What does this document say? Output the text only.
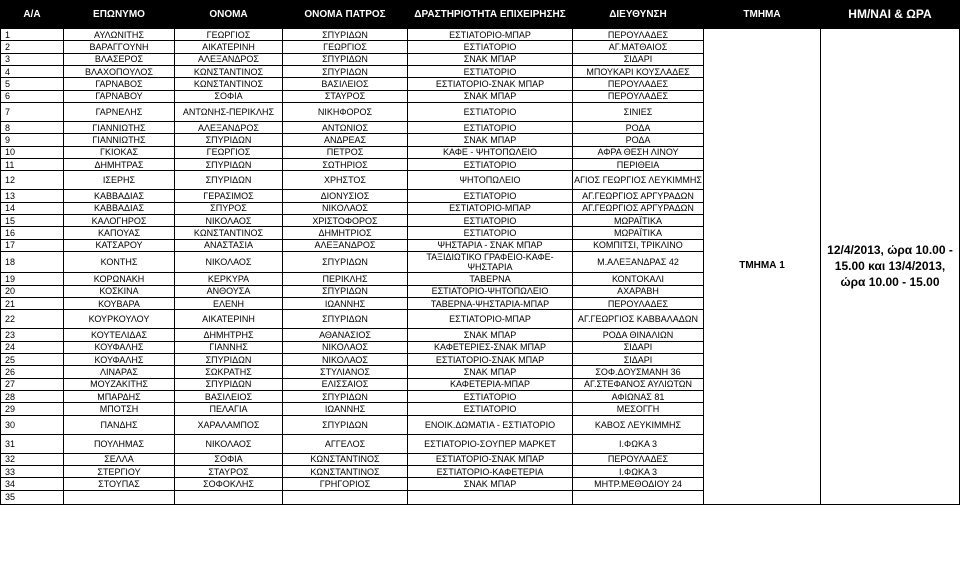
Α/Α	ΕΠΩΝΥΜΟ	ΟΝΟΜΑ	ΟΝΟΜΑ ΠΑΤΡΟΣ	ΔΡΑΣΤΗΡΙΟΤΗΤΑ ΕΠΙΧΕΙΡΗΣΗΣ	ΔΙΕΥΘΥΝΣΗ	ΤΜΗΜΑ	ΗΜ/ΝΑΙ & ΩΡΑ
1	ΑΥΛΩΝΙΤΗΣ	ΓΕΩΡΓΙΟΣ	ΣΠΥΡΙΔΩΝ	ΕΣΤΙΑΤΟΡΙΟ-ΜΠΑΡ	ΠΕΡΟΥΛΑΔΕΣ	ΤΜΗΜΑ 1	12/4/2013, ώρα 10.00 - 15.00 και 13/4/2013, ώρα 10.00 - 15.00
2	ΒΑΡΑΓΓΟΥΝΗ	ΑΙΚΑΤΕΡΙΝΗ	ΓΕΩΡΓΙΟΣ	ΕΣΤΙΑΤΟΡΙΟ	ΑΓ.ΜΑΤΘΑΙΟΣ		
3	ΒΛΑΣΕΡΟΣ	ΑΛΕΞΑΝΔΡΟΣ	ΣΠΥΡΙΔΩΝ	ΣΝΑΚ ΜΠΑΡ	ΣΙΔΑΡΙ		
4	ΒΛΑΧΟΠΟΥΛΟΣ	ΚΩΝΣΤΑΝΤΙΝΟΣ	ΣΠΥΡΙΔΩΝ	ΕΣΤΙΑΤΟΡΙΟ	ΜΠΟΥΚΑΡΙ ΚΟΥΣΛΑΔΕΣ		
5	ΓΑΡΝΑΒΟΣ	ΚΩΝΣΤΑΝΤΙΝΟΣ	ΒΑΣΙΛΕΙΟΣ	ΕΣΤΙΑΤΟΡΙΟ-ΣΝΑΚ ΜΠΑΡ	ΠΕΡΟΥΛΑΔΕΣ		
6	ΓΑΡΝΑΒΟΥ	ΣΟΦΙΑ	ΣΤΑΥΡΟΣ	ΣΝΑΚ ΜΠΑΡ	ΠΕΡΟΥΛΑΔΕΣ		
7	ΓΑΡΝΕΛΗΣ	ΑΝΤΩΝΗΣ-ΠΕΡΙΚΛΗΣ	ΝΙΚΗΦΟΡΟΣ	ΕΣΤΙΑΤΟΡΙΟ	ΣΙΝΙΕΣ		
8	ΓΙΑΝΝΙΩΤΗΣ	ΑΛΕΞΑΝΔΡΟΣ	ΑΝΤΩΝΙΟΣ	ΕΣΤΙΑΤΟΡΙΟ	ΡΟΔΑ		
9	ΓΙΑΝΝΙΩΤΗΣ	ΣΠΥΡΙΔΩΝ	ΑΝΔΡΕΑΣ	ΣΝΑΚ ΜΠΑΡ	ΡΟΔΑ		
10	ΓΚΙΟΚΑΣ	ΓΕΩΡΓΙΟΣ	ΠΕΤΡΟΣ	ΚΑΦΕ - ΨΗΤΟΠΩΛΕΙΟ	ΑΦΡΑ ΘΕΣΗ ΛΙΝΟΥ		
11	ΔΗΜΗΤΡΑΣ	ΣΠΥΡΙΔΩΝ	ΣΩΤΗΡΙΟΣ	ΕΣΤΙΑΤΟΡΙΟ	ΠΕΡΙΘΕΙΑ		
12	ΙΣΕΡΗΣ	ΣΠΥΡΙΔΩΝ	ΧΡΗΣΤΟΣ	ΨΗΤΟΠΩΛΕΙΟ	ΑΓΙΟΣ ΓΕΩΡΓΙΟΣ ΛΕΥΚΙΜΜΗΣ		
13	ΚΑΒΒΑΔΙΑΣ	ΓΕΡΑΣΙΜΟΣ	ΔΙΟΝΥΣΙΟΣ	ΕΣΤΙΑΤΟΡΙΟ	ΑΓ.ΓΕΩΡΓΙΟΣ ΑΡΓΥΡΑΔΩΝ		
14	ΚΑΒΒΑΔΙΑΣ	ΣΠΥΡΟΣ	ΝΙΚΟΛΑΟΣ	ΕΣΤΙΑΤΟΡΙΟ-ΜΠΑΡ	ΑΓ.ΓΕΩΡΓΙΟΣ ΑΡΓΥΡΑΔΩΝ		
15	ΚΑΛΟΓΗΡΟΣ	ΝΙΚΟΛΑΟΣ	ΧΡΙΣΤΟΦΟΡΟΣ	ΕΣΤΙΑΤΟΡΙΟ	ΜΩΡΑΪΤΙΚΑ		
16	ΚΑΠΟΥΑΣ	ΚΩΝΣΤΑΝΤΙΝΟΣ	ΔΗΜΗΤΡΙΟΣ	ΕΣΤΙΑΤΟΡΙΟ	ΜΩΡΑΪΤΙΚΑ		
17	ΚΑΤΣΑΡΟΥ	ΑΝΑΣΤΑΣΙΑ	ΑΛΕΞΑΝΔΡΟΣ	ΨΗΣΤΑΡΙΑ - ΣΝΑΚ ΜΠΑΡ	ΚΟΜΠΙΤΣΙ, ΤΡΙΚΛΙΝΟ		
18	ΚΟΝΤΗΣ	ΝΙΚΟΛΑΟΣ	ΣΠΥΡΙΔΩΝ	ΤΑΞΙΔΙΩΤΙΚΟ ΓΡΑΦΕΙΟ-ΚΑΦΕ-ΨΗΣΤΑΡΙΑ	Μ.ΑΛΕΞΑΝΔΡΑΣ 42		
19	ΚΟΡΩΝΑΚΗ	ΚΕΡΚΥΡΑ	ΠΕΡΙΚΛΗΣ	ΤΑΒΕΡΝΑ	ΚΟΝΤΟΚΑΛΙ		
20	ΚΟΣΚΙΝΑ	ΑΝΘΟΥΣΑ	ΣΠΥΡΙΔΩΝ	ΕΣΤΙΑΤΟΡΙΟ-ΨΗΤΟΠΩΛΕΙΟ	ΑΧΑΡΑΒΗ		
21	ΚΟΥΒΑΡΑ	ΕΛΕΝΗ	ΙΩΑΝΝΗΣ	ΤΑΒΕΡΝΑ-ΨΗΣΤΑΡΙΑ-ΜΠΑΡ	ΠΕΡΟΥΛΑΔΕΣ		
22	ΚΟΥΡΚΟΥΛΟΥ	ΑΙΚΑΤΕΡΙΝΗ	ΣΠΥΡΙΔΩΝ	ΕΣΤΙΑΤΟΡΙΟ-ΜΠΑΡ	ΑΓ.ΓΕΩΡΓΙΟΣ ΚΑΒΒΑΛΑΔΩΝ		
23	ΚΟΥΤΕΛΙΔΑΣ	ΔΗΜΗΤΡΗΣ	ΑΘΑΝΑΣΙΟΣ	ΣΝΑΚ ΜΠΑΡ	ΡΟΔΑ ΘΙΝΑΛΙΩΝ		
24	ΚΟΥΦΑΛΗΣ	ΓΙΑΝΝΗΣ	ΝΙΚΟΛΑΟΣ	ΚΑΦΕΤΕΡΙΕΣ-ΣΝΑΚ ΜΠΑΡ	ΣΙΔΑΡΙ		
25	ΚΟΥΦΑΛΗΣ	ΣΠΥΡΙΔΩΝ	ΝΙΚΟΛΑΟΣ	ΕΣΤΙΑΤΟΡΙΟ-ΣΝΑΚ ΜΠΑΡ	ΣΙΔΑΡΙ		
26	ΛΙΝΑΡΑΣ	ΣΩΚΡΑΤΗΣ	ΣΤΥΛΙΑΝΟΣ	ΣΝΑΚ ΜΠΑΡ	ΣΟΦ.ΔΟΥΣΜΑΝΗ 36		
27	ΜΟΥΖΑΚΙΤΗΣ	ΣΠΥΡΙΔΩΝ	ΕΛΙΣΣΑΙΟΣ	ΚΑΦΕΤΕΡΙΑ-ΜΠΑΡ	ΑΓ.ΣΤΕΦΑΝΟΣ ΑΥΛΙΩΤΩΝ		
28	ΜΠΑΡΔΗΣ	ΒΑΣΙΛΕΙΟΣ	ΣΠΥΡΙΔΩΝ	ΕΣΤΙΑΤΟΡΙΟ	ΑΦΙΩΝΑΣ 81		
29	ΜΠΟΤΣΗ	ΠΕΛΑΓΙΑ	ΙΩΑΝΝΗΣ	ΕΣΤΙΑΤΟΡΙΟ	ΜΕΣΟΓΓΗ		
30	ΠΑΝΔΗΣ	ΧΑΡΑΛΑΜΠΟΣ	ΣΠΥΡΙΔΩΝ	ΕΝΟΙΚ.ΔΩΜΑΤΙΑ - ΕΣΤΙΑΤΟΡΙΟ	ΚΑΒΟΣ ΛΕΥΚΙΜΜΗΣ		
31	ΠΟΥΛΗΜΑΣ	ΝΙΚΟΛΑΟΣ	ΑΓΓΕΛΟΣ	ΕΣΤΙΑΤΟΡΙΟ-ΣΟΥΠΕΡ ΜΑΡΚΕΤ	Ι.ΦΩΚΑ 3		
32	ΣΕΛΛΑ	ΣΟΦΙΑ	ΚΩΝΣΤΑΝΤΙΝΟΣ	ΕΣΤΙΑΤΟΡΙΟ-ΣΝΑΚ ΜΠΑΡ	ΠΕΡΟΥΛΑΔΕΣ		
33	ΣΤΕΡΓΙΟΥ	ΣΤΑΥΡΟΣ	ΚΩΝΣΤΑΝΤΙΝΟΣ	ΕΣΤΙΑΤΟΡΙΟ-ΚΑΦΕΤΕΡΙΑ	Ι.ΦΩΚΑ 3		
34	ΣΤΟΥΠΑΣ	ΣΟΦΟΚΛΗΣ	ΓΡΗΓΟΡΙΟΣ	ΣΝΑΚ ΜΠΑΡ	ΜΗΤΡ.ΜΕΘΟΔΙΟΥ 24		
35							
